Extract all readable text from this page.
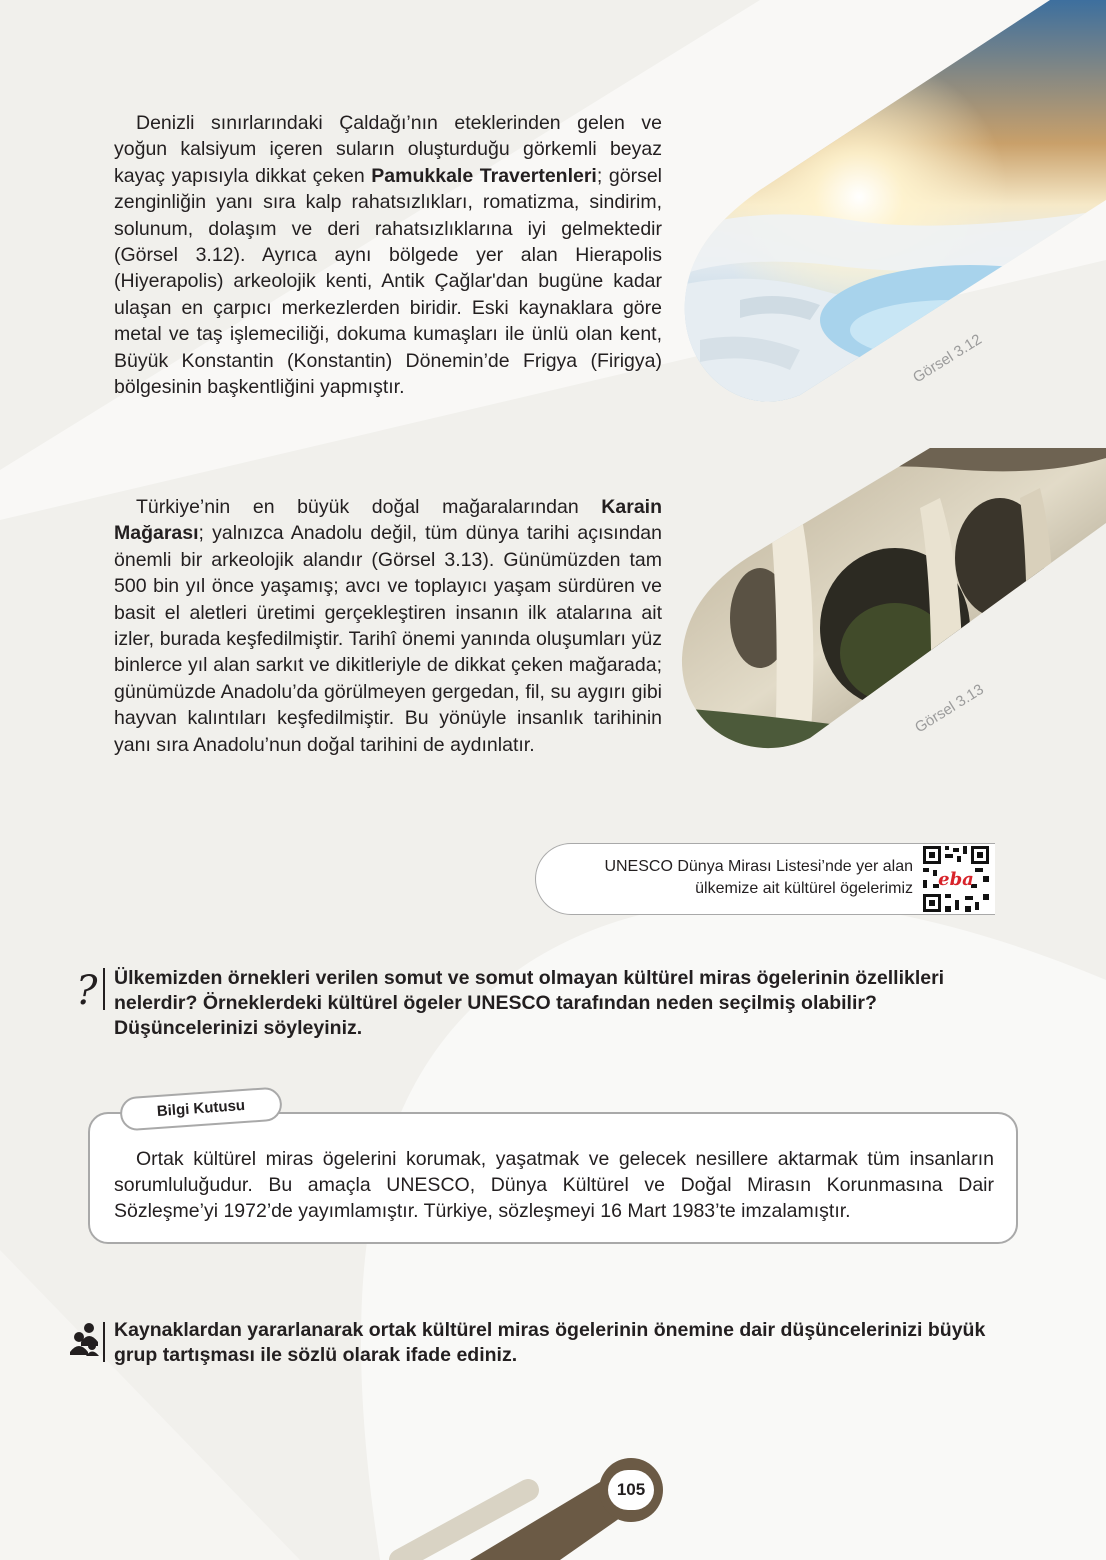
Görsel 3.12
Görsel 3.13

Denizli sınırlarındaki Çaldağı’nın eteklerinden gelen ve yoğun kalsiyum içeren suların oluşturduğu görkemli beyaz kayaç yapısıyla dikkat çeken Pamukkale Travertenleri; görsel zenginliğin yanı sıra kalp rahatsızlıkları, romatizma, sindirim, solunum, dolaşım ve deri rahatsızlıklarına iyi gelmektedir (Görsel 3.12). Ayrıca aynı bölgede yer alan Hierapolis (Hiyerapolis) arkeolojik kenti, Antik Çağlar'dan bugüne kadar ulaşan en çarpıcı merkezlerden biridir. Eski kaynaklara göre metal ve taş işlemeciliği, dokuma kumaşları ile ünlü olan kent, Büyük Konstantin (Konstantin) Dönemin’de Frigya (Firigya) bölgesinin başkentliğini yapmıştır.

Türkiye’nin en büyük doğal mağaralarından Karain Mağarası; yalnızca Anadolu değil, tüm dünya tarihi açısından önemli bir arkeolojik alandır (Görsel 3.13). Günümüzden tam 500 bin yıl önce yaşamış; avcı ve toplayıcı yaşam sürdüren ve basit el aletleri üretimi gerçekleştiren insanın ilk atalarına ait izler, burada keşfedilmiştir. Tarihî önemi yanında oluşumları yüz binlerce yıl alan sarkıt ve dikitleriyle de dikkat çeken mağarada; günümüzde Anadolu’da görülmeyen gergedan, fil, su aygırı gibi hayvan kalıntıları keşfedilmiştir. Bu yönüyle insanlık tarihinin yanı sıra Anadolu’nun doğal tarihini de aydınlatır.

UNESCO Dünya Mirası Listesi’nde yer alan
ülkemize ait kültürel ögelerimiz eba
? Ülkemizden örnekleri verilen somut ve somut olmayan kültürel miras ögelerinin özellikleri nelerdir? Örneklerdeki kültürel ögeler UNESCO tarafından neden seçilmiş olabilir? Düşüncelerinizi söyleyiniz.

Bilgi Kutusu

Ortak kültürel miras ögelerini korumak, yaşatmak ve gelecek nesillere aktarmak tüm insanların sorumluluğudur. Bu amaçla UNESCO, Dünya Kültürel ve Doğal Mirasın Korunmasına Dair Sözleşme’yi 1972’de yayımlamıştır. Türkiye, sözleşmeyi 16 Mart 1983’te imzalamıştır.

Kaynaklardan yararlanarak ortak kültürel miras ögelerinin önemine dair düşüncelerinizi büyük grup tartışması ile sözlü olarak ifade ediniz.

105
